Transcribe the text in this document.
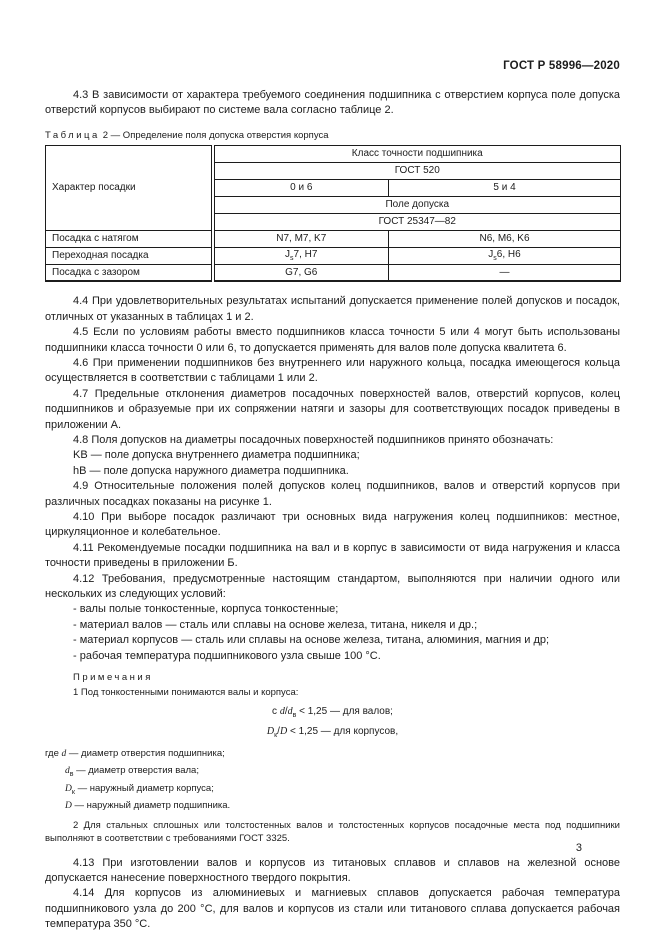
ГОСТ Р 58996—2020

4.3 В зависимости от характера требуемого соединения подшипника с отверстием корпуса поле допуска отверстий корпусов выбирают по системе вала согласно таблице 2.

Таблица 2 — Определение поля допуска отверстия корпуса

Характер посадки	Класс точности подшипника	
	ГОСТ 520	
	0 и 6	5 и 4
	Поле допуска	
	ГОСТ 25347—82	
Посадка с натягом	N7, M7, K7	N6, M6, K6
Переходная посадка	$J_s7$, Н7	$J_s6$, Н6
Посадка с зазором	G7, G6	—

4.4 При удовлетворительных результатах испытаний допускается применение полей допусков и посадок, отличных от указанных в таблицах 1 и 2.

4.5 Если по условиям работы вместо подшипников класса точности 5 или 4 могут быть использованы подшипники класса точности 0 или 6, то допускается применять для валов поле допуска квалитета 6.

4.6 При применении подшипников без внутреннего или наружного кольца, посадка имеющегося кольца осуществляется в соответствии с таблицами 1 или 2.

4.7 Предельные отклонения диаметров посадочных поверхностей валов, отверстий корпусов, колец подшипников и образуемые при их сопряжении натяги и зазоры для соответствующих посадок приведены в приложении А.

4.8 Поля допусков на диаметры посадочных поверхностей подшипников принято обозначать:

KB — поле допуска внутреннего диаметра подшипника;

hB — поле допуска наружного диаметра подшипника.

4.9 Относительные положения полей допусков колец подшипников, валов и отверстий корпусов при различных посадках показаны на рисунке 1.

4.10 При выборе посадок различают три основных вида нагружения колец подшипников: местное, циркуляционное и колебательное.

4.11 Рекомендуемые посадки подшипника на вал и в корпус в зависимости от вида нагружения и класса точности приведены в приложении Б.

4.12 Требования, предусмотренные настоящим стандартом, выполняются при наличии одного или нескольких из следующих условий:

- валы полые тонкостенные, корпуса тонкостенные;

- материал валов — сталь или сплавы на основе железа, титана, никеля и др.;

- материал корпусов — сталь или сплавы на основе железа, титана, алюминия, магния и др;

- рабочая температура подшипникового узла свыше 100 °С.

Примечания
1 Под тонкостенными понимаются валы и корпуса:
с $d/d_в < 1,25$ — для валов;
$D_к/D < 1,25$ — для корпусов,
где d — диаметр отверстия подшипника;
$d_в$ — диаметр отверстия вала;
$D_к$ — наружный диаметр корпуса;
D — наружный диаметр подшипника.
2 Для стальных сплошных или толстостенных валов и толстостенных корпусов посадочные места под подшипники выполняют в соответствии с требованиями ГОСТ 3325.

4.13 При изготовлении валов и корпусов из титановых сплавов и сплавов на железной основе допускается нанесение поверхностного твердого покрытия.

4.14 Для корпусов из алюминиевых и магниевых сплавов допускается рабочая температура подшипникового узла до 200 °С, для валов и корпусов из стали или титанового сплава допускается рабочая температура 350 °С.

3
